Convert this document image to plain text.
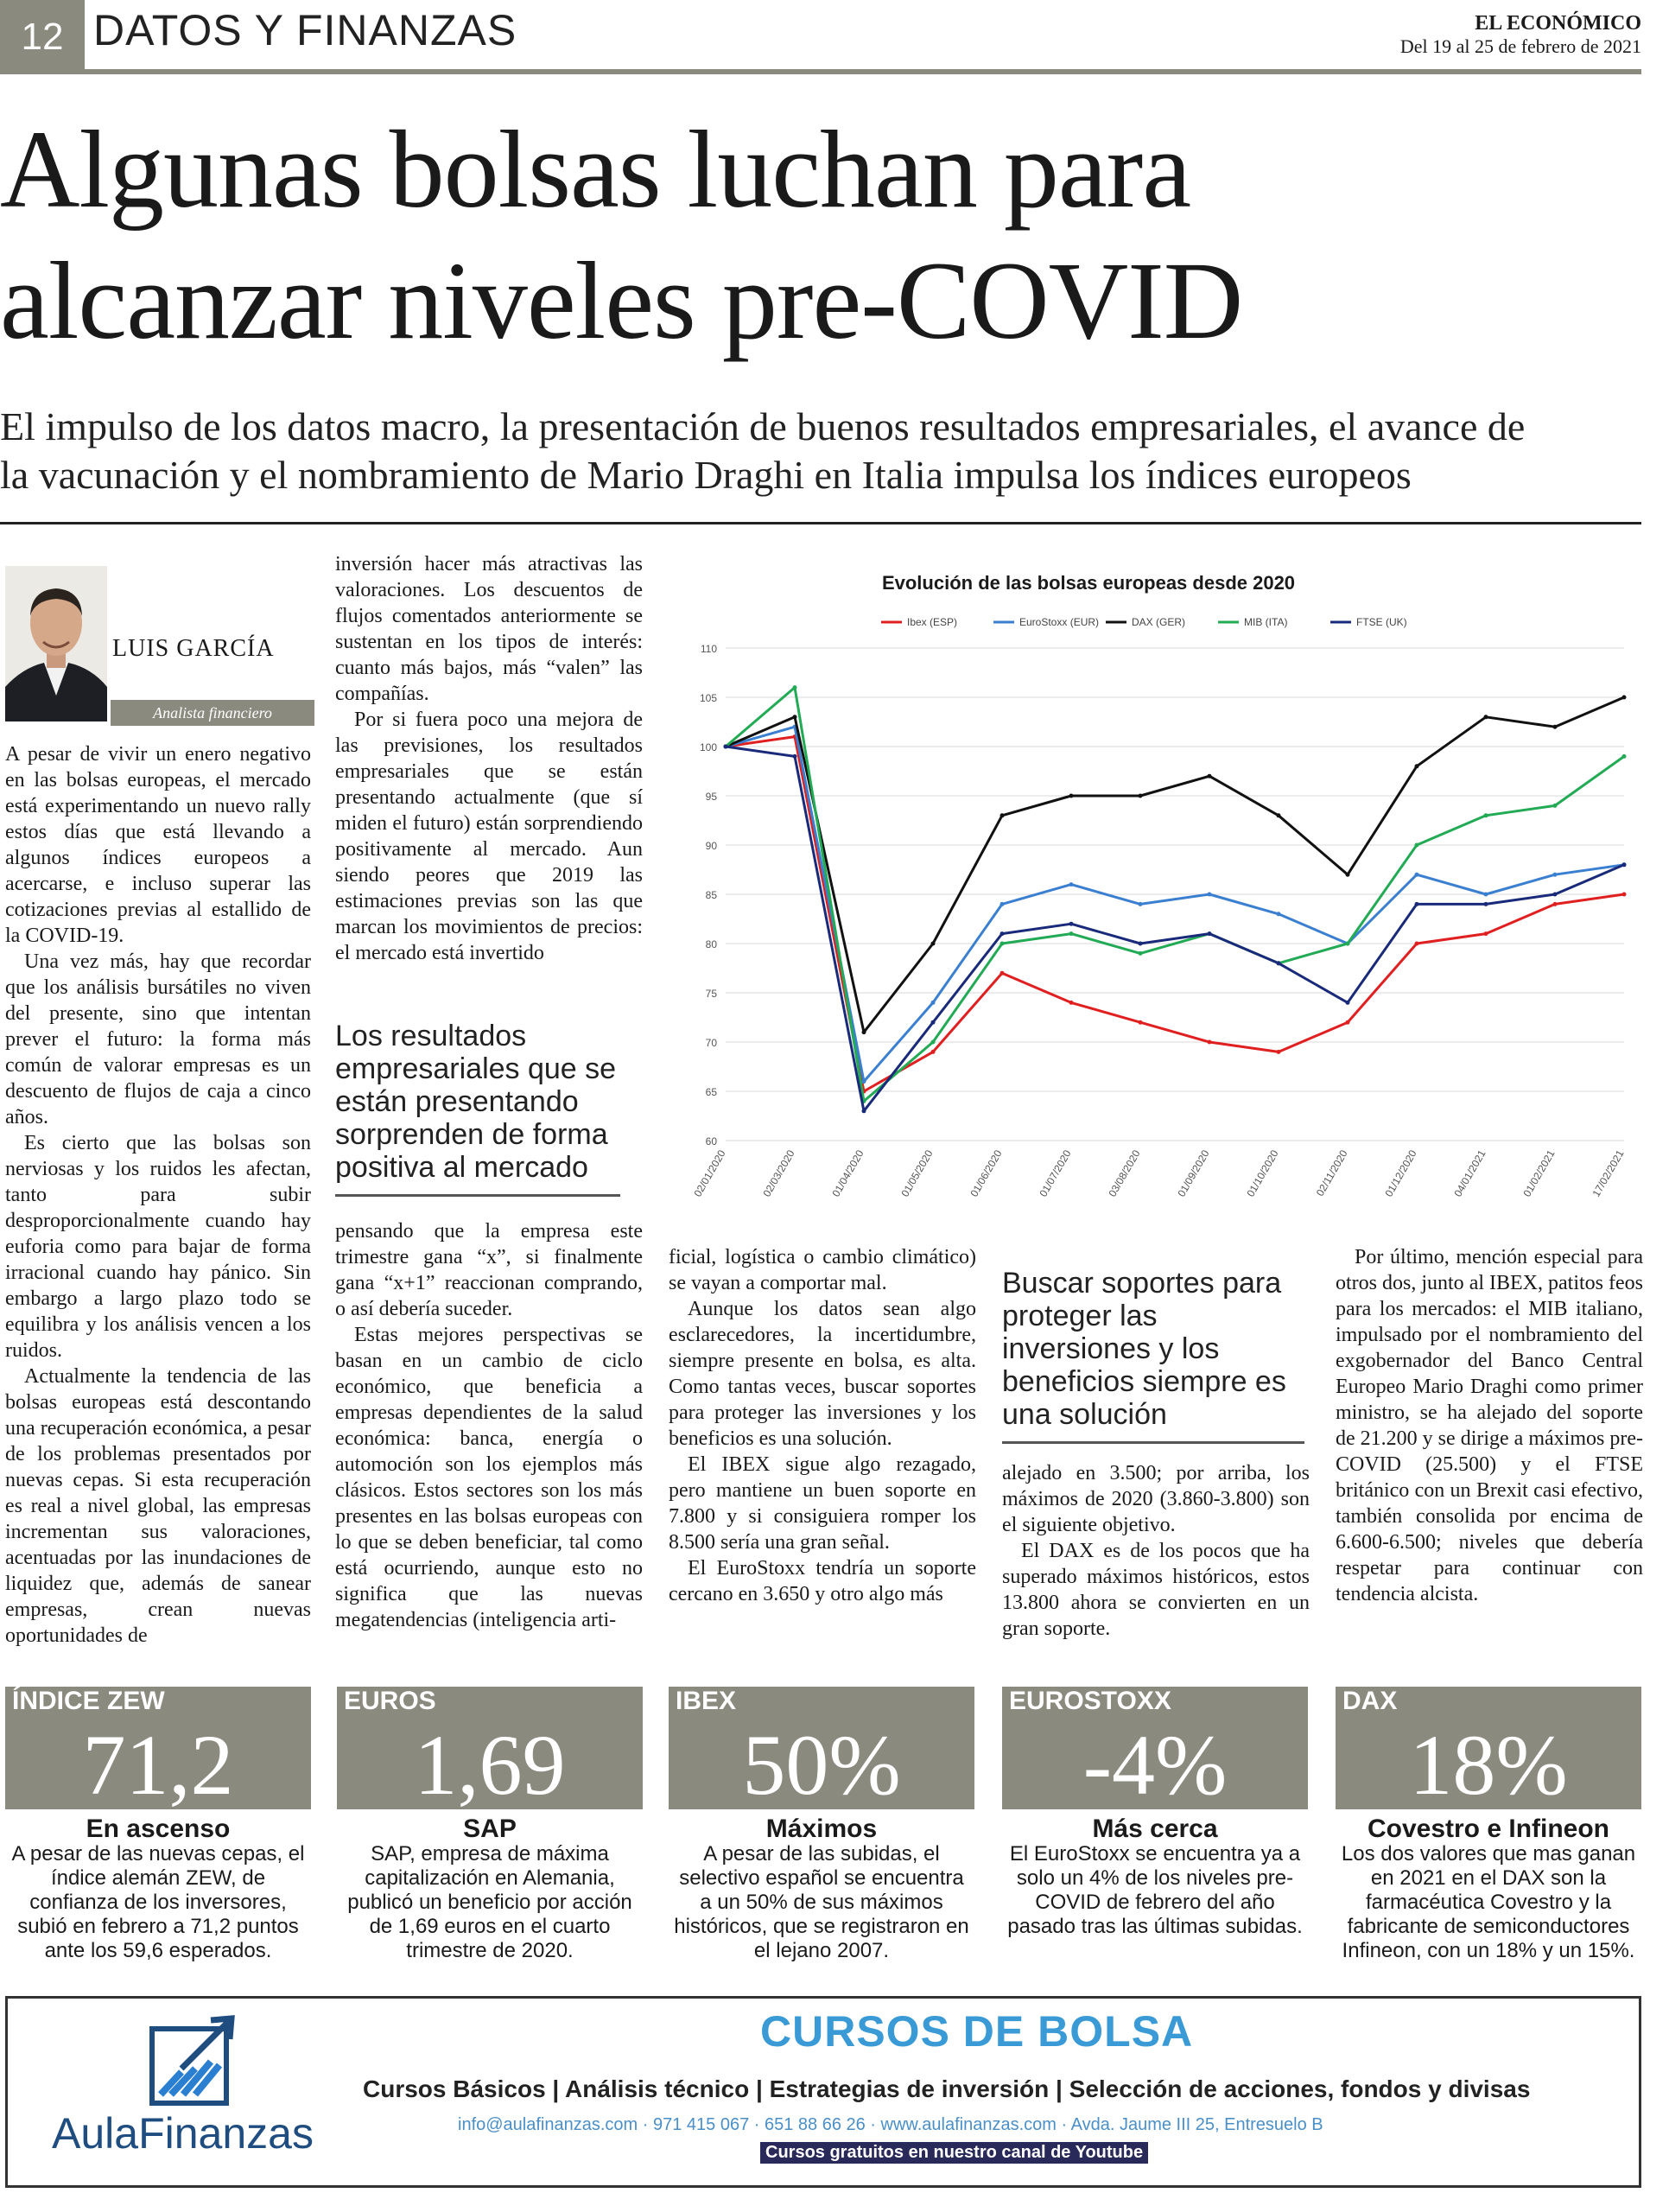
12 DATOS Y FINANZAS	EL ECONÓMICO
Del 19 al 25 de febrero de 2021
Algunas bolsas luchan para
alcanzar niveles pre-COVID
El impulso de los datos macro, la presentación de buenos resultados empresariales, el avance de
la vacunación y el nombramiento de Mario Draghi en Italia impulsa los índices europeos
LUIS GARCÍA
Analista financiero

A pesar de vivir un enero negativo en las bolsas europeas, el mercado está experimentando un nuevo rally estos días que está llevando a algunos índices europeos a acercarse, e incluso superar las cotizaciones previas al estallido de la COVID-19.

Una vez más, hay que recordar que los análisis bursátiles no viven del presente, sino que intentan prever el futuro: la forma más común de valorar empresas es un descuento de flujos de caja a cinco años.

Es cierto que las bolsas son nerviosas y los ruidos les afectan, tanto para subir desproporcionalmente cuando hay euforia como para bajar de forma irracional cuando hay pánico. Sin embargo a largo plazo todo se equilibra y los análisis vencen a los ruidos.

Actualmente la tendencia de las bolsas europeas está descontando una recuperación económica, a pesar de los problemas presentados por nuevas cepas. Si esta recuperación es real a nivel global, las empresas incrementan sus valoraciones, acentuadas por las inundaciones de liquidez que, además de sanear empresas, crean nuevas oportunidades de

inversión hacer más atractivas las valoraciones. Los descuentos de flujos comentados anteriormente se sustentan en los tipos de interés: cuanto más bajos, más “valen” las compañías.

Por si fuera poco una mejora de las previsiones, los resultados empresariales que se están presentando actualmente (que sí miden el futuro) están sorprendiendo positivamente al mercado. Aun siendo peores que 2019 las estimaciones previas son las que marcan los movimientos de precios: el mercado está invertido

Los resultados empresariales que se están presentando sorprenden de forma positiva al mercado

pensando que la empresa este trimestre gana “x”, si finalmente gana “x+1” reaccionan comprando, o así debería suceder.

Estas mejores perspectivas se basan en un cambio de ciclo económico, que beneficia a empresas dependientes de la salud económica: banca, energía o automoción son los ejemplos más clásicos. Estos sectores son los más presentes en las bolsas europeas con lo que se deben beneficiar, tal como está ocurriendo, aunque esto no significa que las nuevas megatendencias (inteligencia arti-

ficial, logística o cambio climático) se vayan a comportar mal.

Aunque los datos sean algo esclarecedores, la incertidumbre, siempre presente en bolsa, es alta. Como tantas veces, buscar soportes para proteger las inversiones y los beneficios es una solución.

El IBEX sigue algo rezagado, pero mantiene un buen soporte en 7.800 y si consiguiera romper los 8.500 sería una gran señal.

El EuroStoxx tendría un soporte cercano en 3.650 y otro algo más

Buscar soportes para proteger las inversiones y los beneficios siempre es una solución

alejado en 3.500; por arriba, los máximos de 2020 (3.860-3.800) son el siguiente objetivo.

El DAX es de los pocos que ha superado máximos históricos, estos 13.800 ahora se convierten en un gran soporte.

Por último, mención especial para otros dos, junto al IBEX, patitos feos para los mercados: el MIB italiano, impulsado por el nombramiento del exgobernador del Banco Central Europeo Mario Draghi como primer ministro, se ha alejado del soporte de 21.200 y se dirige a máximos pre-COVID (25.500) y el FTSE británico con un Brexit casi efectivo, también consolida por encima de 6.600-6.500; niveles que debería respetar para continuar con tendencia alcista.

Evolución de las bolsas europeas desde 2020
Ibex (ESP)	EuroStoxx (EUR)	DAX (GER)	MIB (ITA)	FTSE (UK)
60
65
70
75
80
85
90
95
100
105
110
02/01/2020	02/03/2020	01/04/2020	01/05/2020	01/06/2020	01/07/2020	03/08/2020	01/09/2020	01/10/2020	02/11/2020	01/12/2020	04/01/2021	01/02/2021	17/02/2021
ÍNDICE ZEW
71,2
En ascenso
A pesar de las nuevas cepas, el índice alemán ZEW, de confianza de los inversores, subió en febrero a 71,2 puntos ante los 59,6 esperados.
EUROS
1,69
SAP
SAP, empresa de máxima capitalización en Alemania, publicó un beneficio por acción de 1,69 euros en el cuarto trimestre de 2020.
IBEX
50%
Máximos
A pesar de las subidas, el selectivo español se encuentra a un 50% de sus máximos históricos, que se registraron en el lejano 2007.
EUROSTOXX
-4%
Más cerca
El EuroStoxx se encuentra ya a solo un 4% de los niveles pre-COVID de febrero del año pasado tras las últimas subidas.
DAX
18%
Covestro e Infineon
Los dos valores que mas ganan en 2021 en el DAX son la farmacéutica Covestro y la fabricante de semiconductores Infineon, con un 18% y un 15%.
AulaFinanzas
CURSOS DE BOLSA
Cursos Básicos | Análisis técnico | Estrategias de inversión | Selección de acciones, fondos y divisas
info@aulafinanzas.com · 971 415 067 · 651 88 66 26 · www.aulafinanzas.com · Avda. Jaume III 25, Entresuelo B
Cursos gratuitos en nuestro canal de Youtube
